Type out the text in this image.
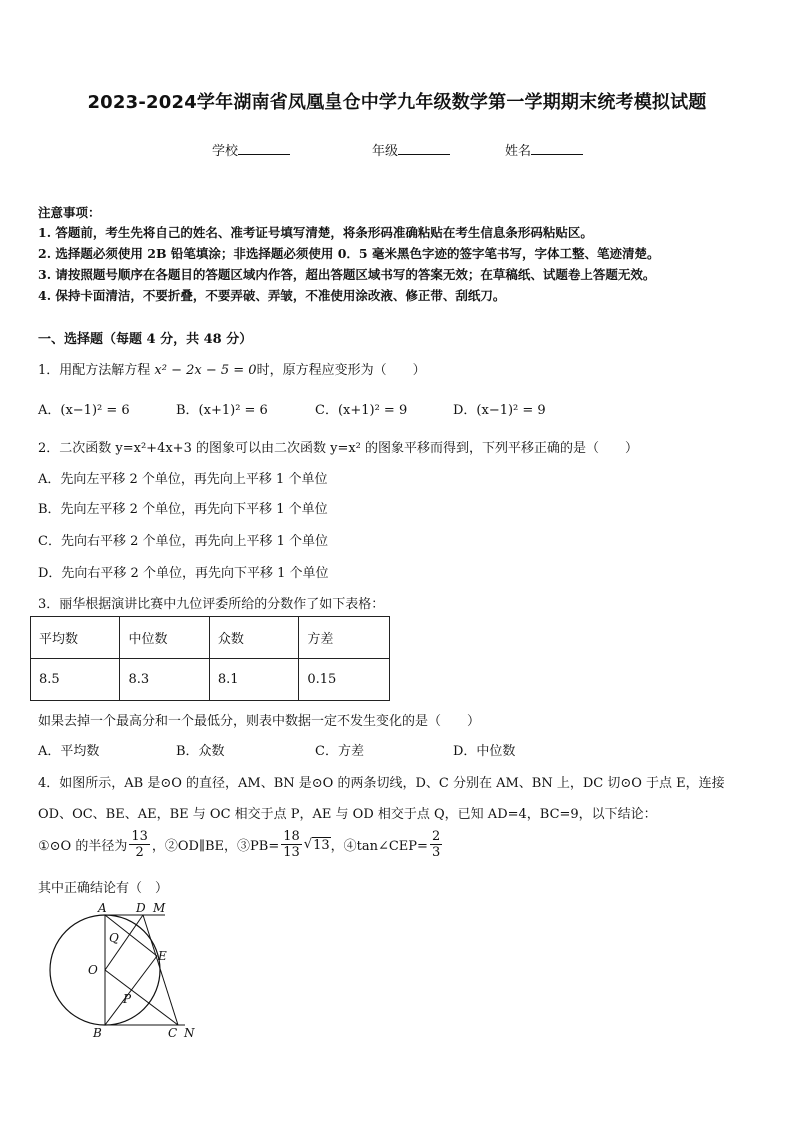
2023-2024学年湖南省凤凰皇仓中学九年级数学第一学期期末统考模拟试题
学校	年级	姓名
注意事项：
1. 答题前，考生先将自己的姓名、准考证号填写清楚，将条形码准确粘贴在考生信息条形码粘贴区。
2. 选择题必须使用 2B 铅笔填涂；非选择题必须使用 0．5 毫米黑色字迹的签字笔书写，字体工整、笔迹清楚。
3. 请按照题号顺序在各题目的答题区域内作答，超出答题区域书写的答案无效；在草稿纸、试题卷上答题无效。
4. 保持卡面清洁，不要折叠，不要弄破、弄皱，不准使用涂改液、修正带、刮纸刀。
一、选择题（每题 4 分，共 48 分）
1．用配方法解方程 x² − 2x − 5 = 0时，原方程应变形为（　　）
A．(x−1)² = 6	B．(x+1)² = 6	C．(x+1)² = 9	D．(x−1)² = 9
2．二次函数 y=x²+4x+3 的图象可以由二次函数 y=x² 的图象平移而得到，下列平移正确的是（　　）
A．先向左平移 2 个单位，再先向上平移 1 个单位
B．先向左平移 2 个单位，再先向下平移 1 个单位
C．先向右平移 2 个单位，再先向上平移 1 个单位
D．先向右平移 2 个单位，再先向下平移 1 个单位
3．丽华根据演讲比赛中九位评委所给的分数作了如下表格：
平均数	中位数	众数	方差
8.5	8.3	8.1	0.15
如果去掉一个最高分和一个最低分，则表中数据一定不发生变化的是（　　）
A．平均数	B．众数	C．方差	D．中位数
4．如图所示，AB 是⊙O 的直径，AM、BN 是⊙O 的两条切线，D、C 分别在 AM、BN 上，DC 切⊙O 于点 E，连接
OD、OC、BE、AE，BE 与 OC 相交于点 P，AE 与 OD 相交于点 Q，已知 AD=4，BC=9，以下结论：
①⊙O 的半径为 $\frac{13}{2}$ ，②OD∥BE，③PB= $\frac{18}{13}$ √ 13 ，④tan∠CEP= $\frac{2}{3}$
其中正确结论有（　）
A D M
Q
O
E
P
B	C N
